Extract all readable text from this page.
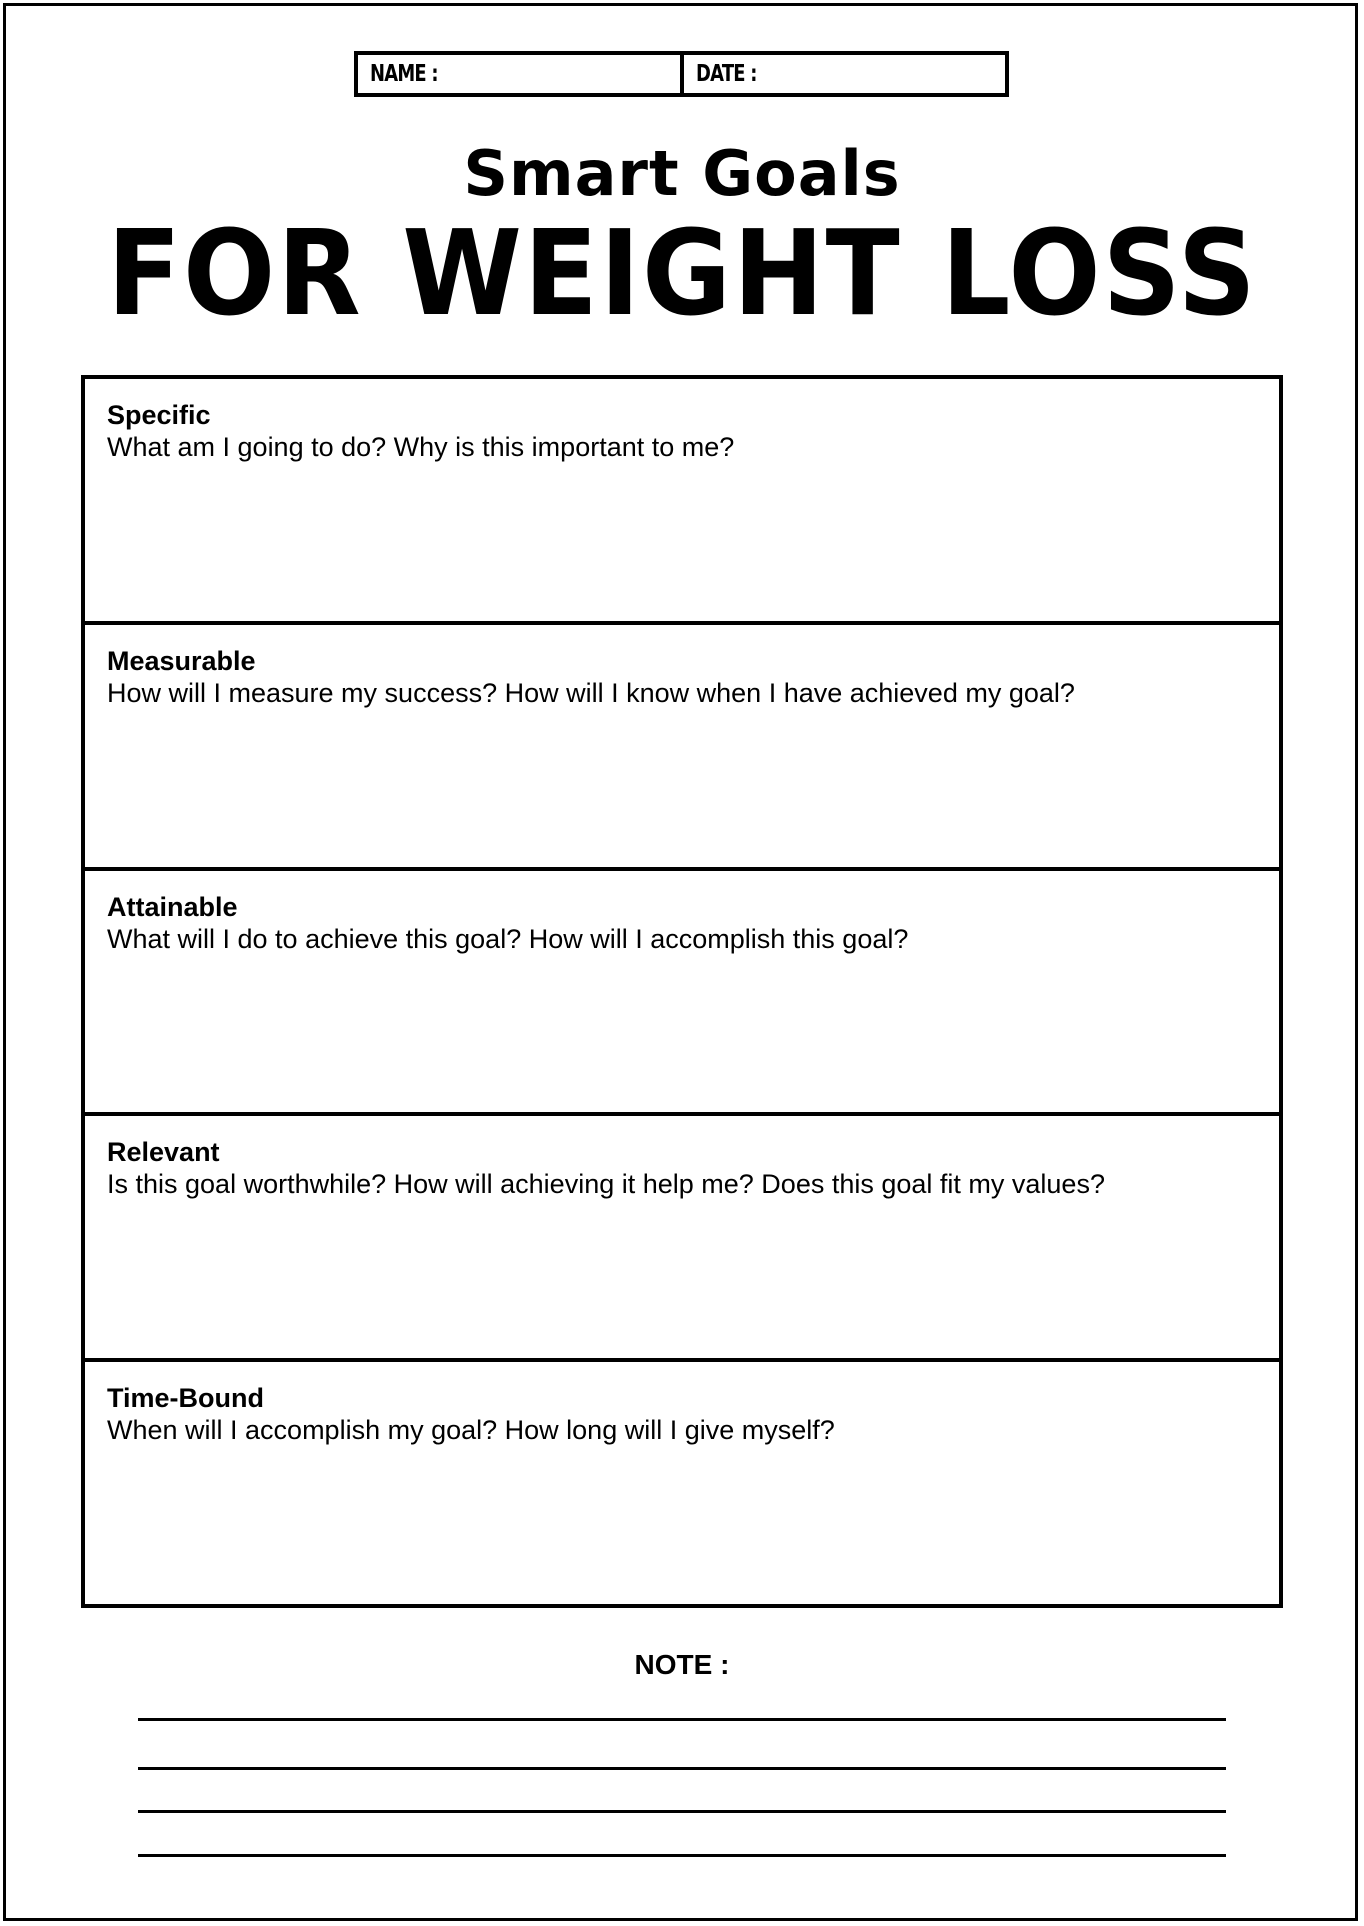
NAME :	DATE :
Smart Goals
FOR WEIGHT LOSS
Specific
What am I going to do? Why is this important to me?
Measurable
How will I measure my success? How will I know when I have achieved my goal?
Attainable
What will I do to achieve this goal? How will I accomplish this goal?
Relevant
Is this goal worthwhile? How will achieving it help me? Does this goal fit my values?
Time-Bound
When will I accomplish my goal? How long will I give myself?
NOTE :
